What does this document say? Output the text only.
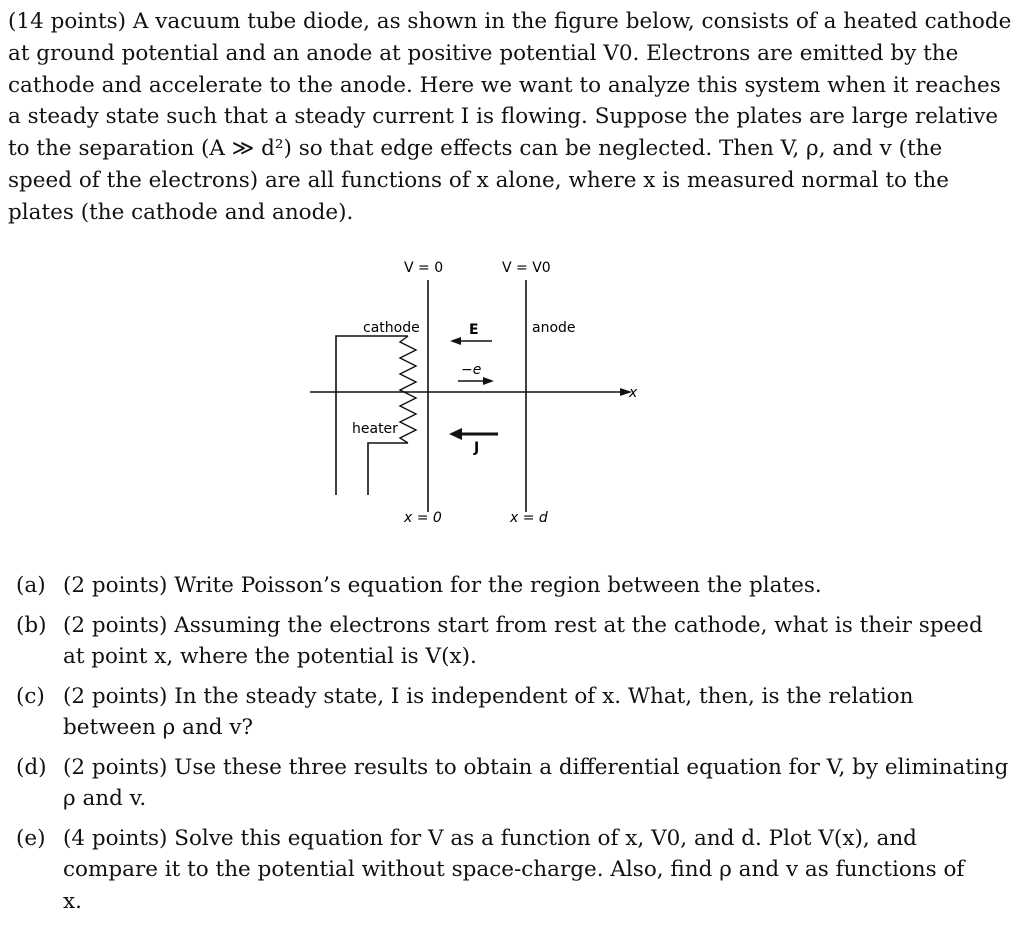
(14 points) A vacuum tube diode, as shown in the figure below, consists of a heated cathode
at ground potential and an anode at positive potential V0. Electrons are emitted by the
cathode and accelerate to the anode. Here we want to analyze this system when it reaches
a steady state such that a steady current I is flowing. Suppose the plates are large relative
to the separation (A ≫ d²) so that edge effects can be neglected. Then V, ρ, and v (the
speed of the electrons) are all functions of x alone, where x is measured normal to the
plates (the cathode and anode).
x
V = 0	V = V0
cathode	anode
heater
x = 0	x = d
E
−e
J
(a) (2 points) Write Poisson’s equation for the region between the plates.
(b) (2 points) Assuming the electrons start from rest at the cathode, what is their speed
at point x, where the potential is V(x).
(c) (2 points) In the steady state, I is independent of x. What, then, is the relation
between ρ and v?
(d) (2 points) Use these three results to obtain a differential equation for V, by eliminating
ρ and v.
(e) (4 points) Solve this equation for V as a function of x, V0, and d. Plot V(x), and
compare it to the potential without space-charge. Also, find ρ and v as functions of
x.
